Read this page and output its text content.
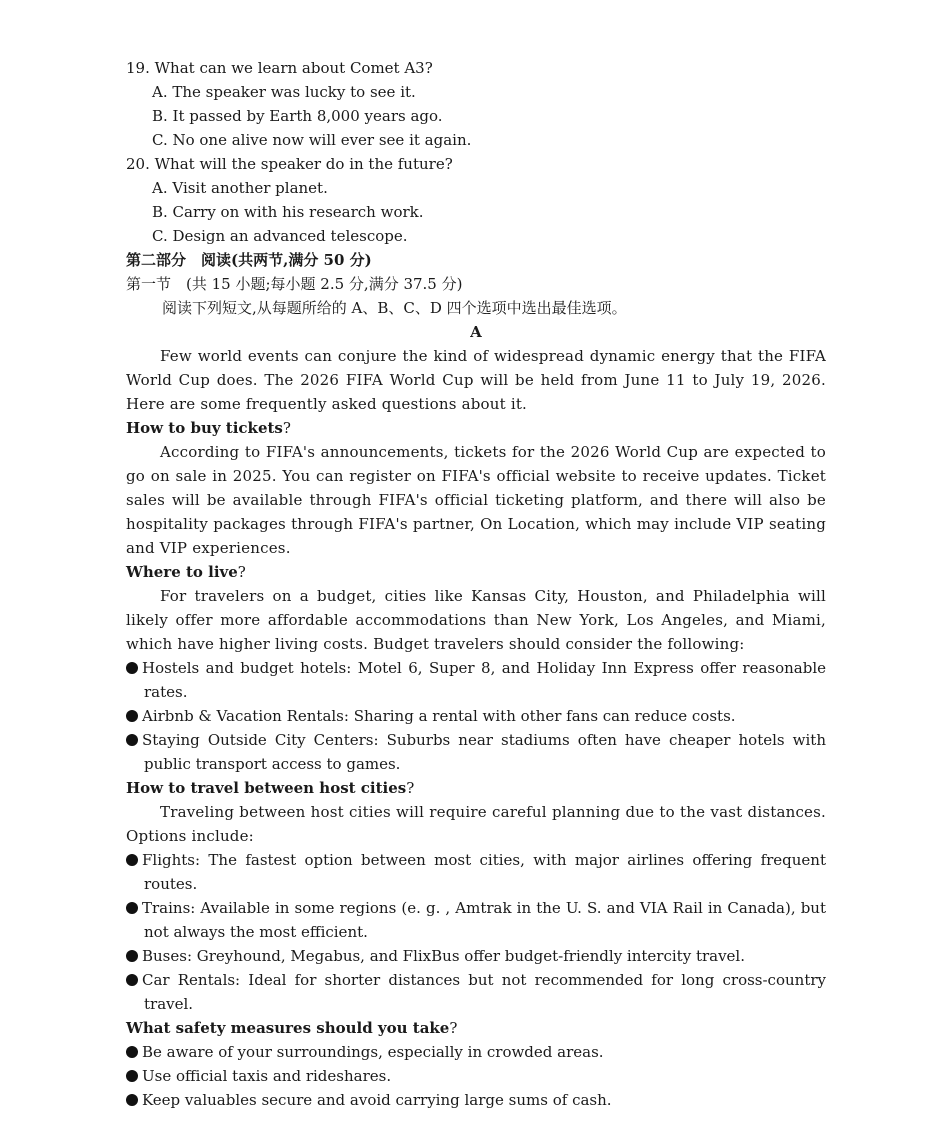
19. What can we learn about Comet A3?
A. The speaker was lucky to see it.
B. It passed by Earth 8,000 years ago.
C. No one alive now will ever see it again.
20. What will the speaker do in the future?
A. Visit another planet.
B. Carry on with his research work.
C. Design an advanced telescope.
第二部分　阅读(共两节,满分 50 分)
第一节　(共 15 小题;每小题 2.5 分,满分 37.5 分)
阅读下列短文,从每题所给的 A、B、C、D 四个选项中选出最佳选项。
A

Few world events can conjure the kind of widespread dynamic energy that the FIFA World Cup does. The 2026 FIFA World Cup will be held from June 11 to July 19, 2026. Here are some frequently asked questions about it.

How to buy tickets?

According to FIFA's announcements, tickets for the 2026 World Cup are expected to go on sale in 2025. You can register on FIFA's official website to receive updates. Ticket sales will be available through FIFA's official ticketing platform, and there will also be hospitality packages through FIFA's partner, On Location, which may include VIP seating and VIP experiences.

Where to live?

For travelers on a budget, cities like Kansas City, Houston, and Philadelphia will likely offer more affordable accommodations than New York, Los Angeles, and Miami, which have higher living costs. Budget travelers should consider the following:

Hostels and budget hotels: Motel 6, Super 8, and Holiday Inn Express offer reasonable rates.

Airbnb & Vacation Rentals: Sharing a rental with other fans can reduce costs.

Staying Outside City Centers: Suburbs near stadiums often have cheaper hotels with public transport access to games.

How to travel between host cities?

Traveling between host cities will require careful planning due to the vast distances. Options include:

Flights: The fastest option between most cities, with major airlines offering frequent routes.

Trains: Available in some regions (e. g. , Amtrak in the U. S. and VIA Rail in Canada), but not always the most efficient.

Buses: Greyhound, Megabus, and FlixBus offer budget-friendly intercity travel.

Car Rentals: Ideal for shorter distances but not recommended for long cross-country travel.

What safety measures should you take?

Be aware of your surroundings, especially in crowded areas.

Use official taxis and rideshares.

Keep valuables secure and avoid carrying large sums of cash.
